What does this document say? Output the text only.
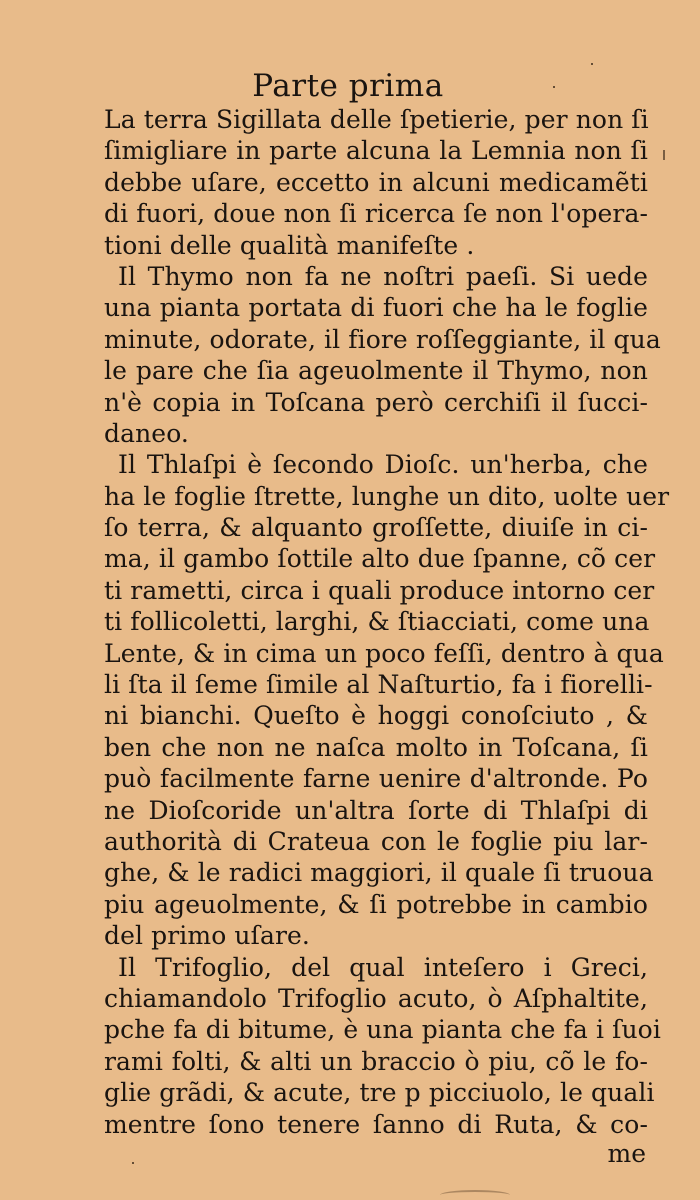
Parte prima
La terra Sigillata delle ſpetierie, per non ſi
ſimigliare in parte alcuna la Lemnia non ſi
debbe uſare, eccetto in alcuni medicamẽti
di fuori, doue non ſi ricerca ſe non l'opera-
tioni delle qualità manifeſte .
Il Thymo non fa ne noſtri paeſi. Si uede
una pianta portata di fuori che ha le foglie
minute, odorate, il fiore roſſeggiante, il qua
le pare che ſia ageuolmente il Thymo, non
n'è copia in Toſcana però cerchiſi il ſucci-
daneo.
Il Thlaſpi è ſecondo Dioſc. un'herba, che
ha le foglie ſtrette, lunghe un dito, uolte uer
ſo terra, & alquanto groſſette, diuiſe in ci-
ma, il gambo ſottile alto due ſpanne, cõ cer
ti rametti, circa i quali produce intorno cer
ti follicoletti, larghi, & ſtiacciati, come una
Lente, & in cima un poco feſſi, dentro à qua
li ſta il ſeme ſimile al Naſturtio, fa i fiorelli-
ni bianchi. Queſto è hoggi conoſciuto , &
ben che non ne naſca molto in Toſcana, ſi
può facilmente farne uenire d'altronde. Po
ne Dioſcoride un'altra ſorte di Thlaſpi di
authorità di Crateua con le foglie piu lar-
ghe, & le radici maggiori, il quale ſi truoua
piu ageuolmente, & ſi potrebbe in cambio
del primo uſare.
Il Trifoglio, del qual inteſero i Greci,
chiamandolo Trifoglio acuto, ò Aſphaltite,
pche fa di bitume, è una pianta che fa i ſuoi
rami folti, & alti un braccio ò piu, cõ le fo-
glie grãdi, & acute, tre p picciuolo, le quali
mentre ſono tenere ſanno di Ruta, & co-
me
